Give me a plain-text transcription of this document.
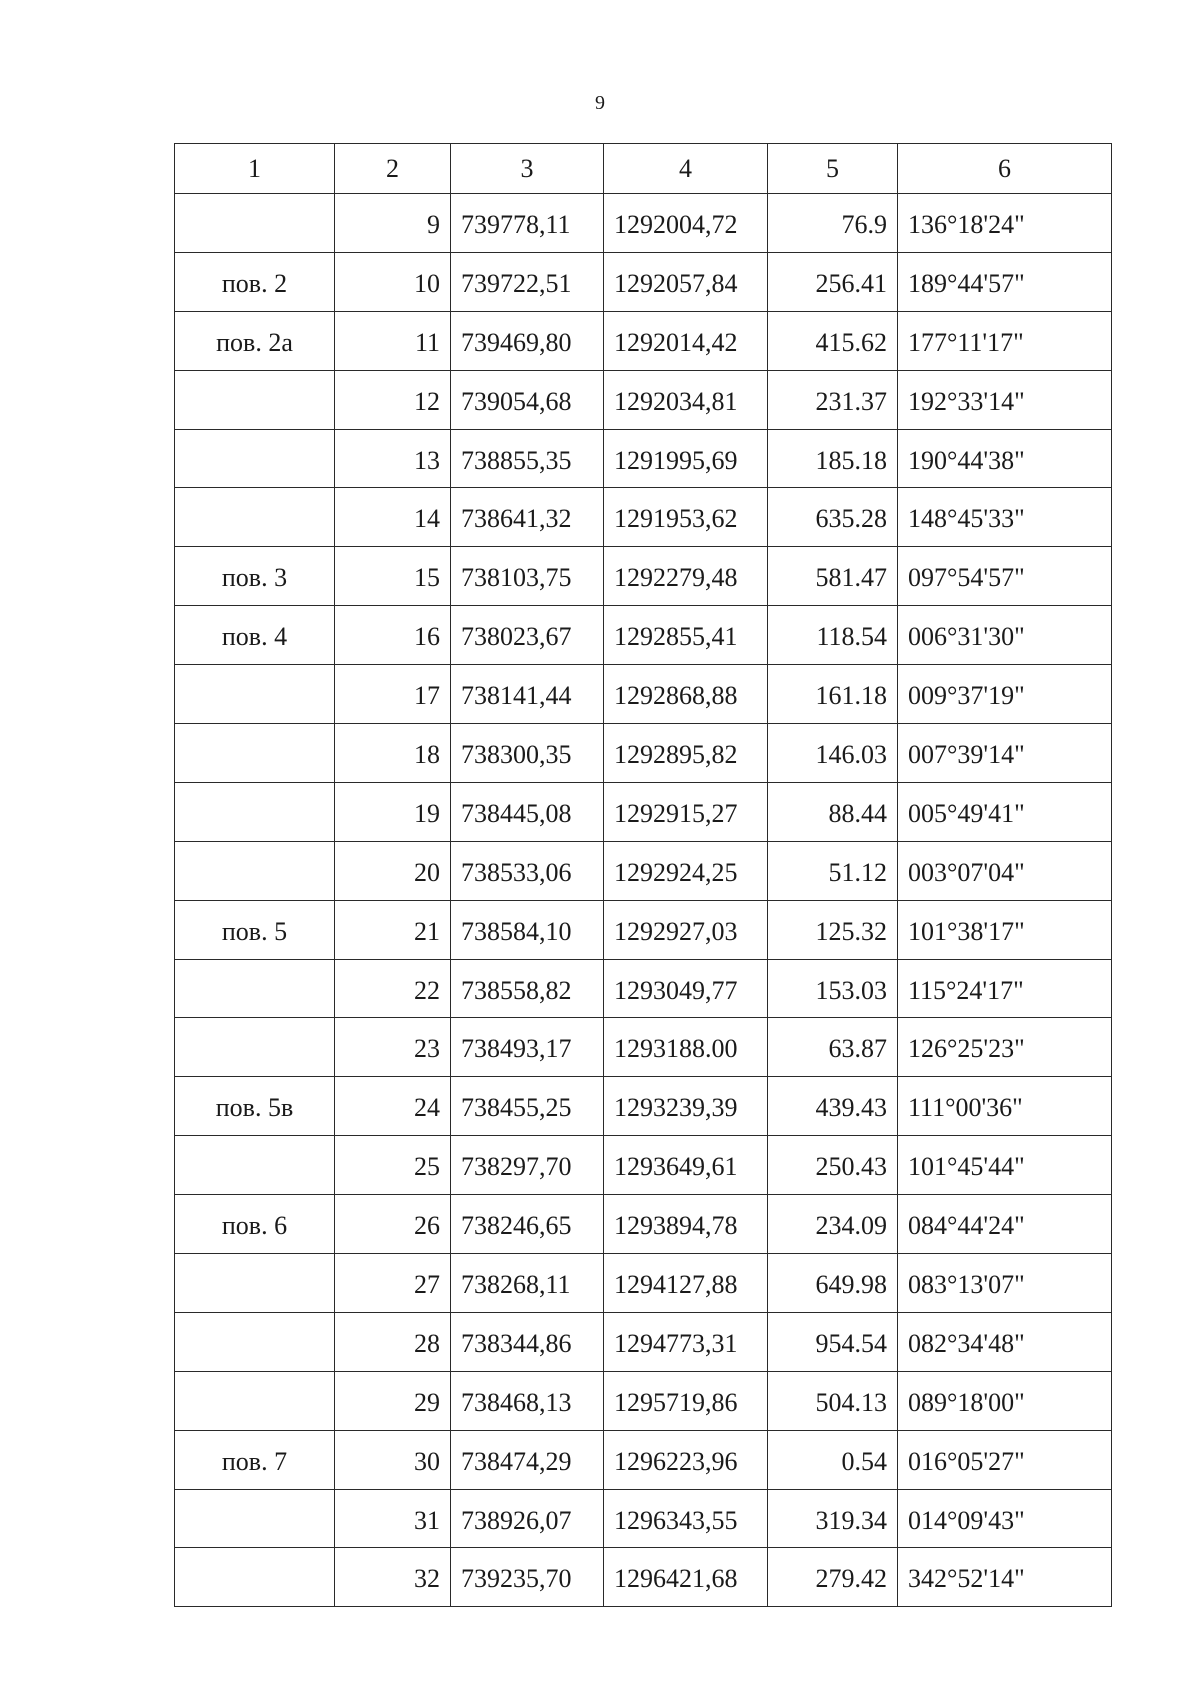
9
1	2	3	4	5	6
	9	739778,11	1292004,72	76.9	136°18'24"
пов. 2	10	739722,51	1292057,84	256.41	189°44'57"
пов. 2а	11	739469,80	1292014,42	415.62	177°11'17"
	12	739054,68	1292034,81	231.37	192°33'14"
	13	738855,35	1291995,69	185.18	190°44'38"
	14	738641,32	1291953,62	635.28	148°45'33"
пов. 3	15	738103,75	1292279,48	581.47	097°54'57"
пов. 4	16	738023,67	1292855,41	118.54	006°31'30"
	17	738141,44	1292868,88	161.18	009°37'19"
	18	738300,35	1292895,82	146.03	007°39'14"
	19	738445,08	1292915,27	88.44	005°49'41"
	20	738533,06	1292924,25	51.12	003°07'04"
пов. 5	21	738584,10	1292927,03	125.32	101°38'17"
	22	738558,82	1293049,77	153.03	115°24'17"
	23	738493,17	1293188.00	63.87	126°25'23"
пов. 5в	24	738455,25	1293239,39	439.43	111°00'36"
	25	738297,70	1293649,61	250.43	101°45'44"
пов. 6	26	738246,65	1293894,78	234.09	084°44'24"
	27	738268,11	1294127,88	649.98	083°13'07"
	28	738344,86	1294773,31	954.54	082°34'48"
	29	738468,13	1295719,86	504.13	089°18'00"
пов. 7	30	738474,29	1296223,96	0.54	016°05'27"
	31	738926,07	1296343,55	319.34	014°09'43"
	32	739235,70	1296421,68	279.42	342°52'14"
